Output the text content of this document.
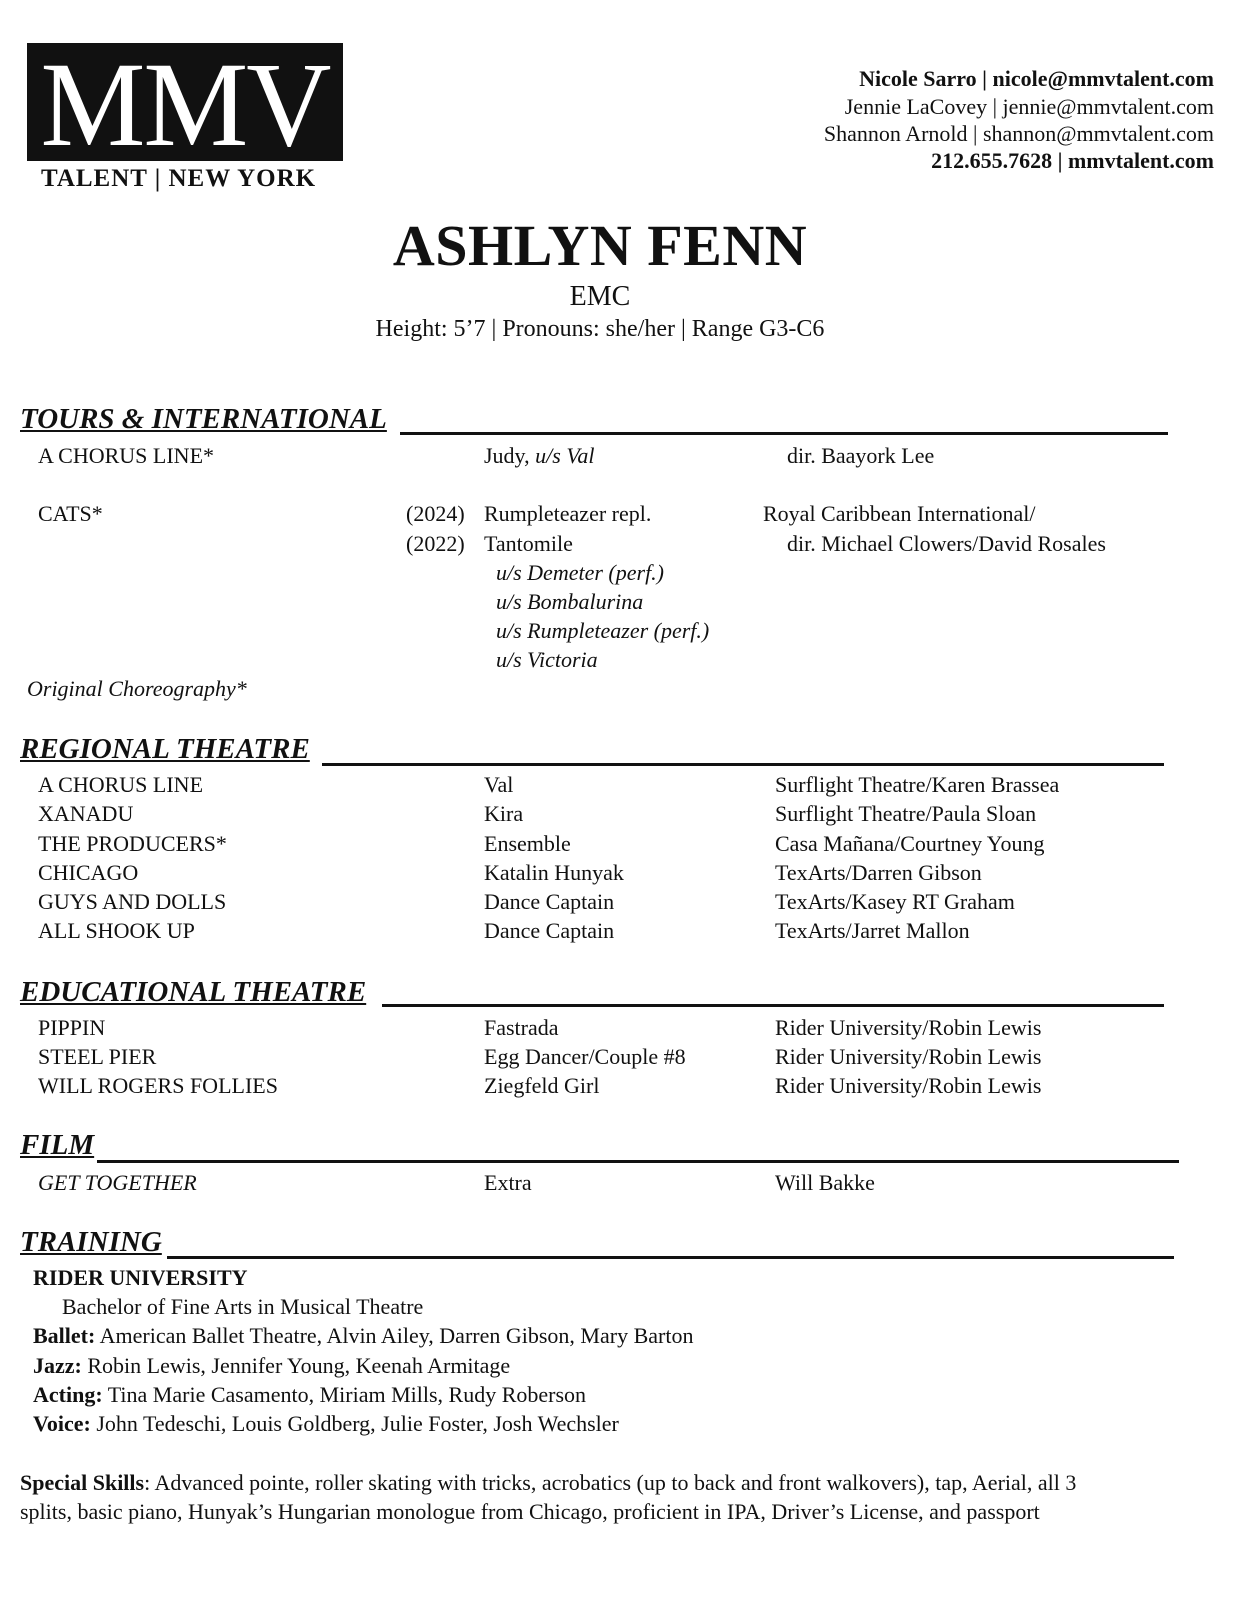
MMV
TALENT | NEW YORK
Nicole Sarro | nicole@mmvtalent.com
Jennie LaCovey | jennie@mmvtalent.com
Shannon Arnold | shannon@mmvtalent.com
212.655.7628 | mmvtalent.com
ASHLYN FENN
EMC
Height: 5’7 | Pronouns: she/her | Range G3-C6
TOURS & INTERNATIONAL
A CHORUS LINE*	Judy, u/s Val	dir. Baayork Lee
CATS*	(2024) Rumpleteazer repl.	Royal Caribbean International/
(2022) Tantomile	dir. Michael Clowers/David Rosales
u/s Demeter (perf.)
u/s Bombalurina
u/s Rumpleteazer (perf.)
u/s Victoria
Original Choreography*
REGIONAL THEATRE
A CHORUS LINE	Val	Surflight Theatre/Karen Brassea
XANADU	Kira	Surflight Theatre/Paula Sloan
THE PRODUCERS*	Ensemble	Casa Mañana/Courtney Young
CHICAGO	Katalin Hunyak	TexArts/Darren Gibson
GUYS AND DOLLS	Dance Captain	TexArts/Kasey RT Graham
ALL SHOOK UP	Dance Captain	TexArts/Jarret Mallon
EDUCATIONAL THEATRE
PIPPIN	Fastrada	Rider University/Robin Lewis
STEEL PIER	Egg Dancer/Couple #8	Rider University/Robin Lewis
WILL ROGERS FOLLIES	Ziegfeld Girl	Rider University/Robin Lewis
FILM
GET TOGETHER	Extra	Will Bakke
TRAINING
RIDER UNIVERSITY
Bachelor of Fine Arts in Musical Theatre
Ballet: American Ballet Theatre, Alvin Ailey, Darren Gibson, Mary Barton
Jazz: Robin Lewis, Jennifer Young, Keenah Armitage
Acting: Tina Marie Casamento, Miriam Mills, Rudy Roberson
Voice: John Tedeschi, Louis Goldberg, Julie Foster, Josh Wechsler
Special Skills: Advanced pointe, roller skating with tricks, acrobatics (up to back and front walkovers), tap, Aerial, all 3
splits, basic piano, Hunyak’s Hungarian monologue from Chicago, proficient in IPA, Driver’s License, and passport
